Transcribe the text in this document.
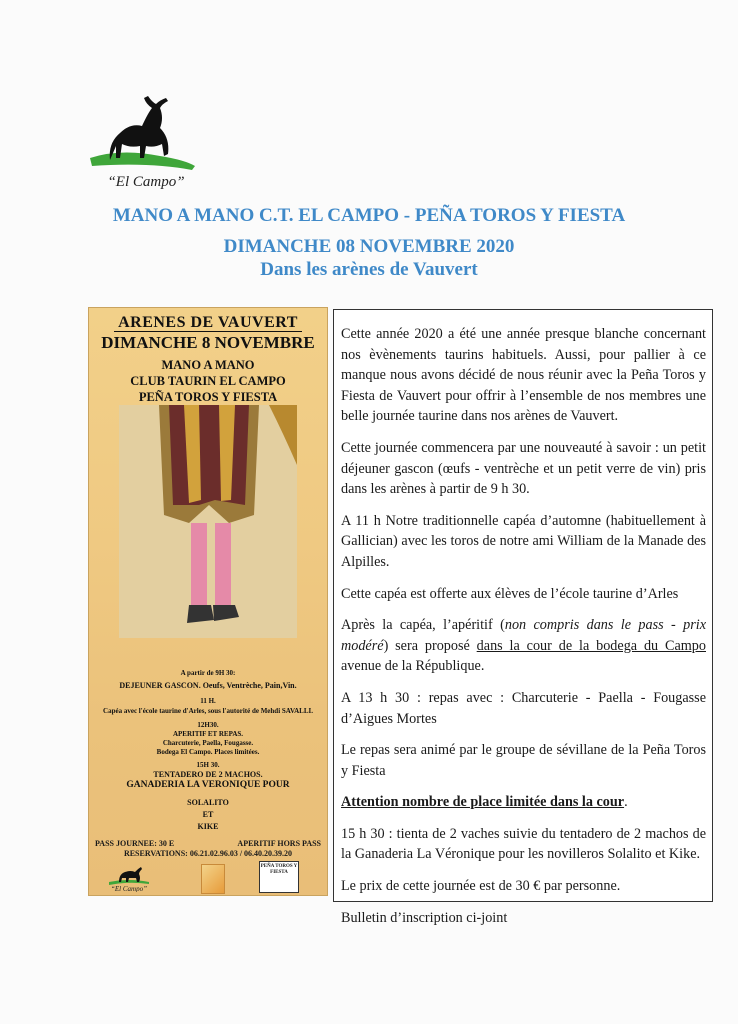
“El Campo”
MANO A MANO C.T. EL CAMPO - PEÑA TOROS Y FIESTA
DIMANCHE 08 NOVEMBRE 2020
Dans les arènes de Vauvert
ARENES DE VAUVERT
DIMANCHE 8 NOVEMBRE
MANO A MANO
CLUB TAURIN EL CAMPO
PEÑA TOROS Y FIESTA
A partir de 9H 30:
DEJEUNER GASCON. Oeufs, Ventrèche, Pain,Vin.
11 H.
Capéa avec l'école taurine d'Arles, sous l'autorité de Mehdi SAVALLI.
12H30.
APERITIF ET REPAS.
Charcuterie, Paella, Fougasse.
Bodega El Campo. Places limitées.
15H 30.
TENTADERO DE 2 MACHOS.
GANADERIA LA VERONIQUE POUR
SOLALITO
ET
KIKE
PASS JOURNEE: 30 E	APERITIF HORS PASS
RESERVATIONS: 06.21.02.96.03 / 06.40.20.39.20
“El Campo”
PEÑA TOROS Y FIESTA

Cette année 2020 a été une année presque blanche concernant nos èvènements taurins habituels. Aussi, pour pallier à ce manque nous avons décidé de nous réunir avec la Peña Toros y Fiesta de Vauvert pour offrir à l’ensemble de nos membres une belle journée taurine dans nos arènes de Vauvert.

Cette journée commencera par une nouveauté à savoir : un petit déjeuner gascon (œufs - ventrèche et un petit verre de vin) pris dans les arènes à partir de 9 h 30.

A 11 h Notre traditionnelle capéa d’automne (habituellement à Gallician) avec les toros de notre ami William de la Manade des Alpilles.

Cette capéa est offerte aux élèves de l’école taurine d’Arles

Après la capéa, l’apéritif (non compris dans le pass - prix modéré) sera proposé dans la cour de la bodega du Campo avenue de la République.

A 13 h 30 : repas avec : Charcuterie - Paella - Fougasse d’Aigues Mortes

Le repas sera animé par le groupe de sévillane de la Peña Toros y Fiesta

Attention nombre de place limitée dans la cour.

15 h 30 : tienta de 2 vaches suivie du tentadero de 2 machos de la Ganaderia La Véronique pour les novilleros Solalito et Kike.

Le prix de cette journée est de 30 € par personne.

Bulletin d’inscription ci-joint
